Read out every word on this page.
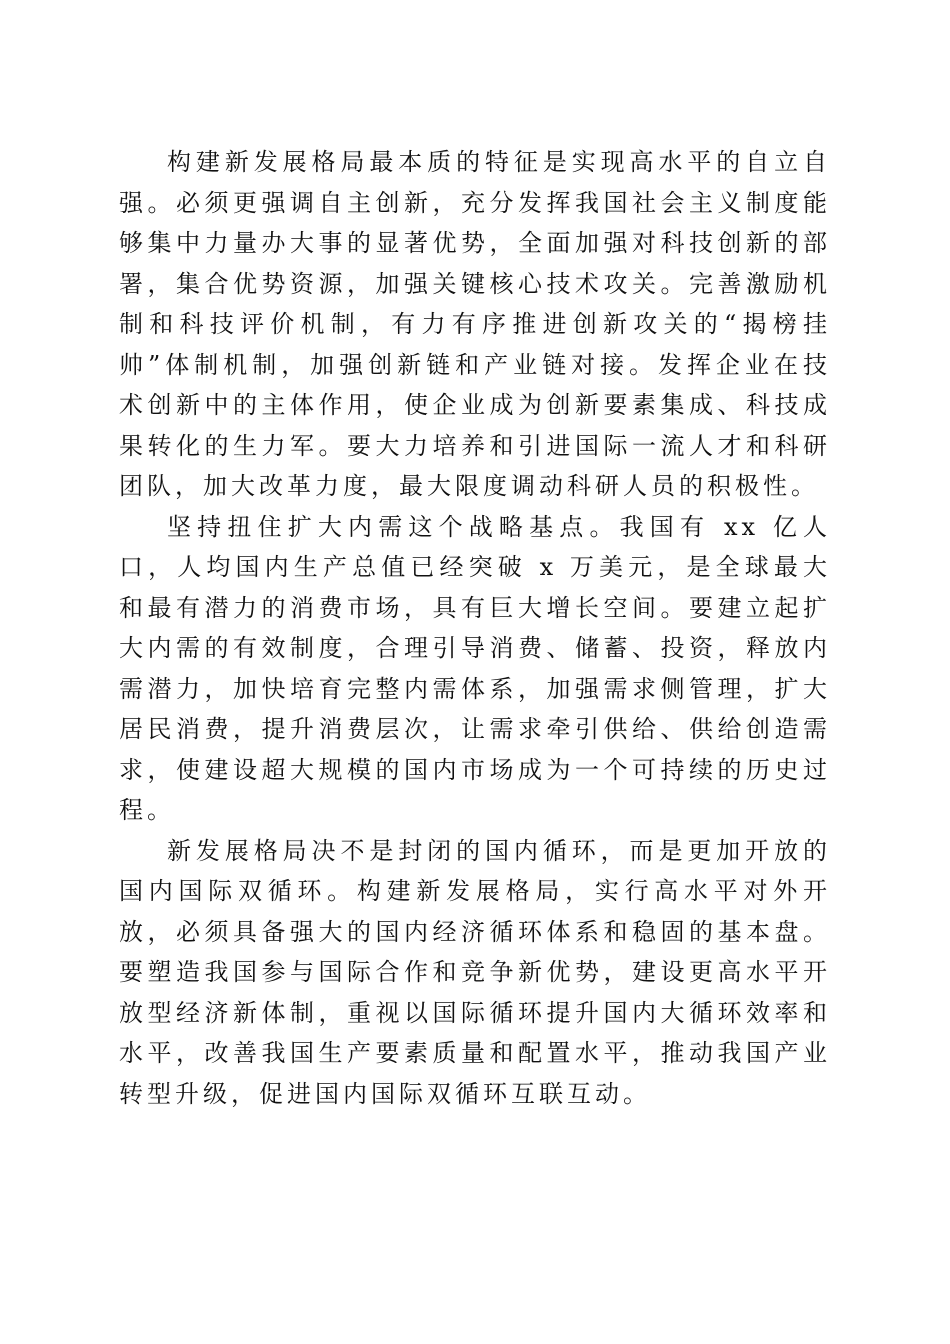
构建新发展格局最本质的特征是实现高水平的自立自强。必须更强调自主创新，充分发挥我国社会主义制度能够集中力量办大事的显著优势，全面加强对科技创新的部署，集合优势资源，加强关键核心技术攻关。完善激励机制和科技评价机制，有力有序推进创新攻关的“揭榜挂帅”体制机制，加强创新链和产业链对接。发挥企业在技术创新中的主体作用，使企业成为创新要素集成、科技成果转化的生力军。要大力培养和引进国际一流人才和科研团队，加大改革力度，最大限度调动科研人员的积极性。

坚持扭住扩大内需这个战略基点。我国有 xx 亿人口，人均国内生产总值已经突破 x 万美元，是全球最大和最有潜力的消费市场，具有巨大增长空间。要建立起扩大内需的有效制度，合理引导消费、储蓄、投资，释放内需潜力，加快培育完整内需体系，加强需求侧管理，扩大居民消费，提升消费层次，让需求牵引供给、供给创造需求，使建设超大规模的国内市场成为一个可持续的历史过程。

新发展格局决不是封闭的国内循环，而是更加开放的国内国际双循环。构建新发展格局，实行高水平对外开放，必须具备强大的国内经济循环体系和稳固的基本盘。要塑造我国参与国际合作和竞争新优势，建设更高水平开放型经济新体制，重视以国际循环提升国内大循环效率和水平，改善我国生产要素质量和配置水平，推动我国产业转型升级，促进国内国际双循环互联互动。
